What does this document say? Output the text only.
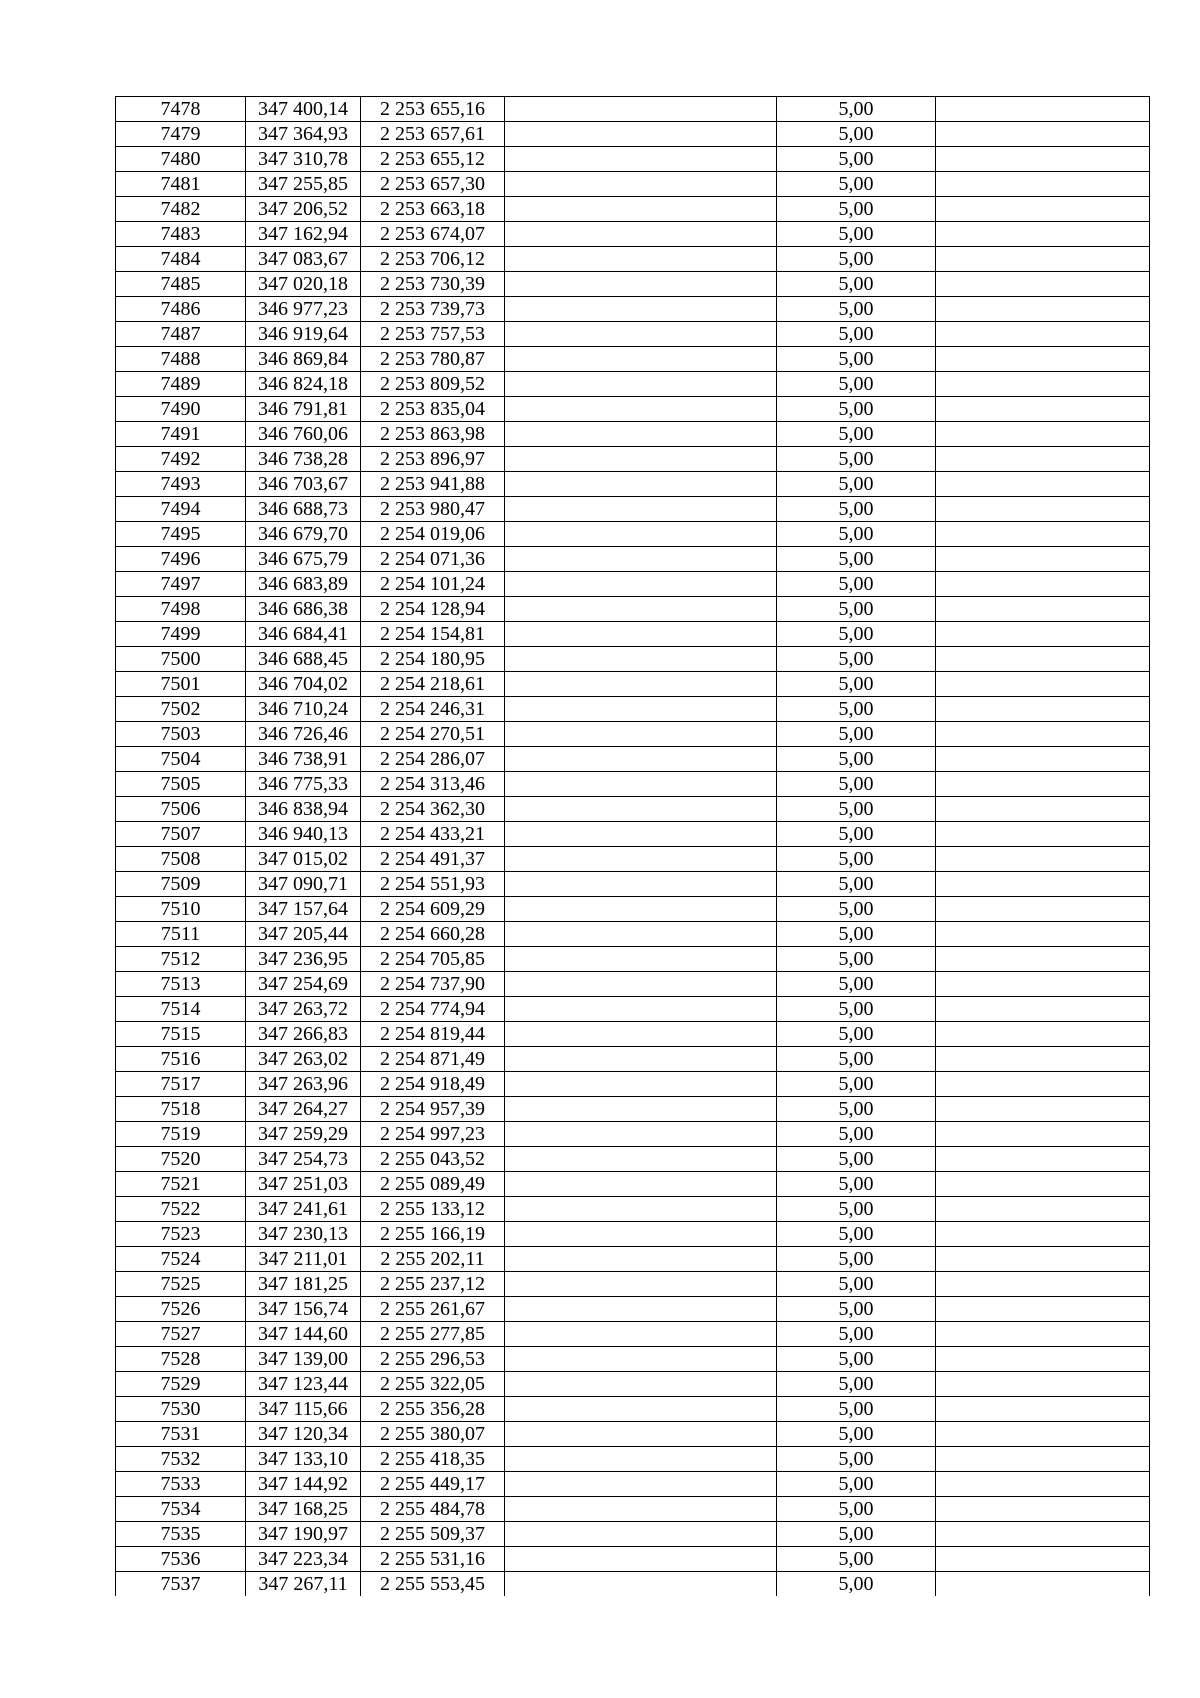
7478	347 400,14	2 253 655,16		5,00	
7479	347 364,93	2 253 657,61		5,00	
7480	347 310,78	2 253 655,12		5,00	
7481	347 255,85	2 253 657,30		5,00	
7482	347 206,52	2 253 663,18		5,00	
7483	347 162,94	2 253 674,07		5,00	
7484	347 083,67	2 253 706,12		5,00	
7485	347 020,18	2 253 730,39		5,00	
7486	346 977,23	2 253 739,73		5,00	
7487	346 919,64	2 253 757,53		5,00	
7488	346 869,84	2 253 780,87		5,00	
7489	346 824,18	2 253 809,52		5,00	
7490	346 791,81	2 253 835,04		5,00	
7491	346 760,06	2 253 863,98		5,00	
7492	346 738,28	2 253 896,97		5,00	
7493	346 703,67	2 253 941,88		5,00	
7494	346 688,73	2 253 980,47		5,00	
7495	346 679,70	2 254 019,06		5,00	
7496	346 675,79	2 254 071,36		5,00	
7497	346 683,89	2 254 101,24		5,00	
7498	346 686,38	2 254 128,94		5,00	
7499	346 684,41	2 254 154,81		5,00	
7500	346 688,45	2 254 180,95		5,00	
7501	346 704,02	2 254 218,61		5,00	
7502	346 710,24	2 254 246,31		5,00	
7503	346 726,46	2 254 270,51		5,00	
7504	346 738,91	2 254 286,07		5,00	
7505	346 775,33	2 254 313,46		5,00	
7506	346 838,94	2 254 362,30		5,00	
7507	346 940,13	2 254 433,21		5,00	
7508	347 015,02	2 254 491,37		5,00	
7509	347 090,71	2 254 551,93		5,00	
7510	347 157,64	2 254 609,29		5,00	
7511	347 205,44	2 254 660,28		5,00	
7512	347 236,95	2 254 705,85		5,00	
7513	347 254,69	2 254 737,90		5,00	
7514	347 263,72	2 254 774,94		5,00	
7515	347 266,83	2 254 819,44		5,00	
7516	347 263,02	2 254 871,49		5,00	
7517	347 263,96	2 254 918,49		5,00	
7518	347 264,27	2 254 957,39		5,00	
7519	347 259,29	2 254 997,23		5,00	
7520	347 254,73	2 255 043,52		5,00	
7521	347 251,03	2 255 089,49		5,00	
7522	347 241,61	2 255 133,12		5,00	
7523	347 230,13	2 255 166,19		5,00	
7524	347 211,01	2 255 202,11		5,00	
7525	347 181,25	2 255 237,12		5,00	
7526	347 156,74	2 255 261,67		5,00	
7527	347 144,60	2 255 277,85		5,00	
7528	347 139,00	2 255 296,53		5,00	
7529	347 123,44	2 255 322,05		5,00	
7530	347 115,66	2 255 356,28		5,00	
7531	347 120,34	2 255 380,07		5,00	
7532	347 133,10	2 255 418,35		5,00	
7533	347 144,92	2 255 449,17		5,00	
7534	347 168,25	2 255 484,78		5,00	
7535	347 190,97	2 255 509,37		5,00	
7536	347 223,34	2 255 531,16		5,00	
7537	347 267,11	2 255 553,45		5,00	
